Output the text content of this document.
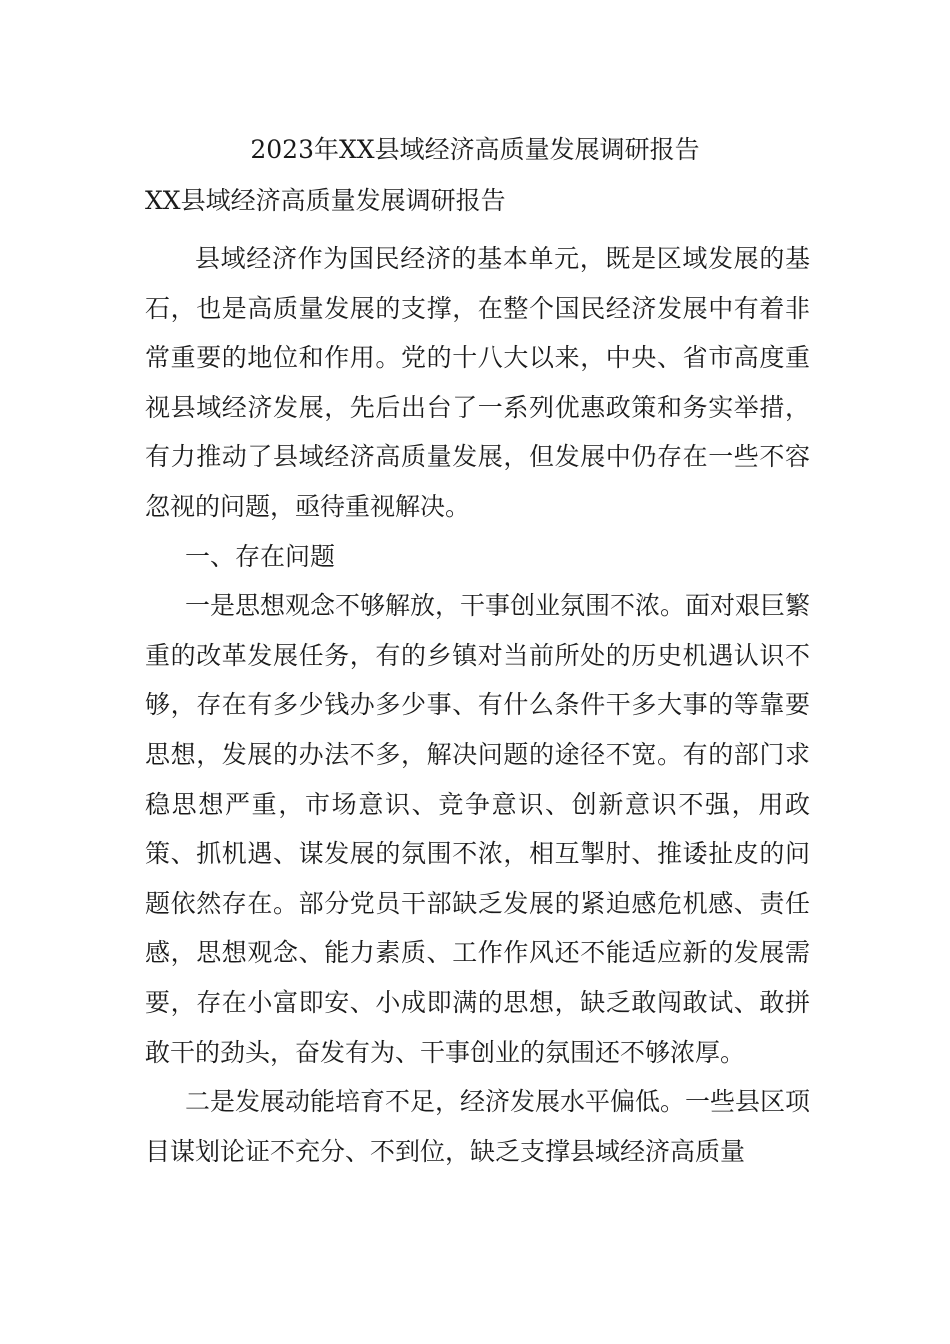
2023年XX县域经济高质量发展调研报告

XX县域经济高质量发展调研报告

县域经济作为国民经济的基本单元，既是区域发展的基石，也是高质量发展的支撑，在整个国民经济发展中有着非常重要的地位和作用。党的十八大以来，中央、省市高度重视县域经济发展，先后出台了一系列优惠政策和务实举措，有力推动了县域经济高质量发展，但发展中仍存在一些不容忽视的问题，亟待重视解决。

一、存在问题

一是思想观念不够解放，干事创业氛围不浓。面对艰巨繁重的改革发展任务，有的乡镇对当前所处的历史机遇认识不够，存在有多少钱办多少事、有什么条件干多大事的等靠要思想，发展的办法不多，解决问题的途径不宽。有的部门求稳思想严重，市场意识、竞争意识、创新意识不强，用政策、抓机遇、谋发展的氛围不浓，相互掣肘、推诿扯皮的问题依然存在。部分党员干部缺乏发展的紧迫感危机感、责任感，思想观念、能力素质、工作作风还不能适应新的发展需要，存在小富即安、小成即满的思想，缺乏敢闯敢试、敢拼敢干的劲头，奋发有为、干事创业的氛围还不够浓厚。

二是发展动能培育不足，经济发展水平偏低。一些县区项目谋划论证不充分、不到位，缺乏支撑县域经济高质量
